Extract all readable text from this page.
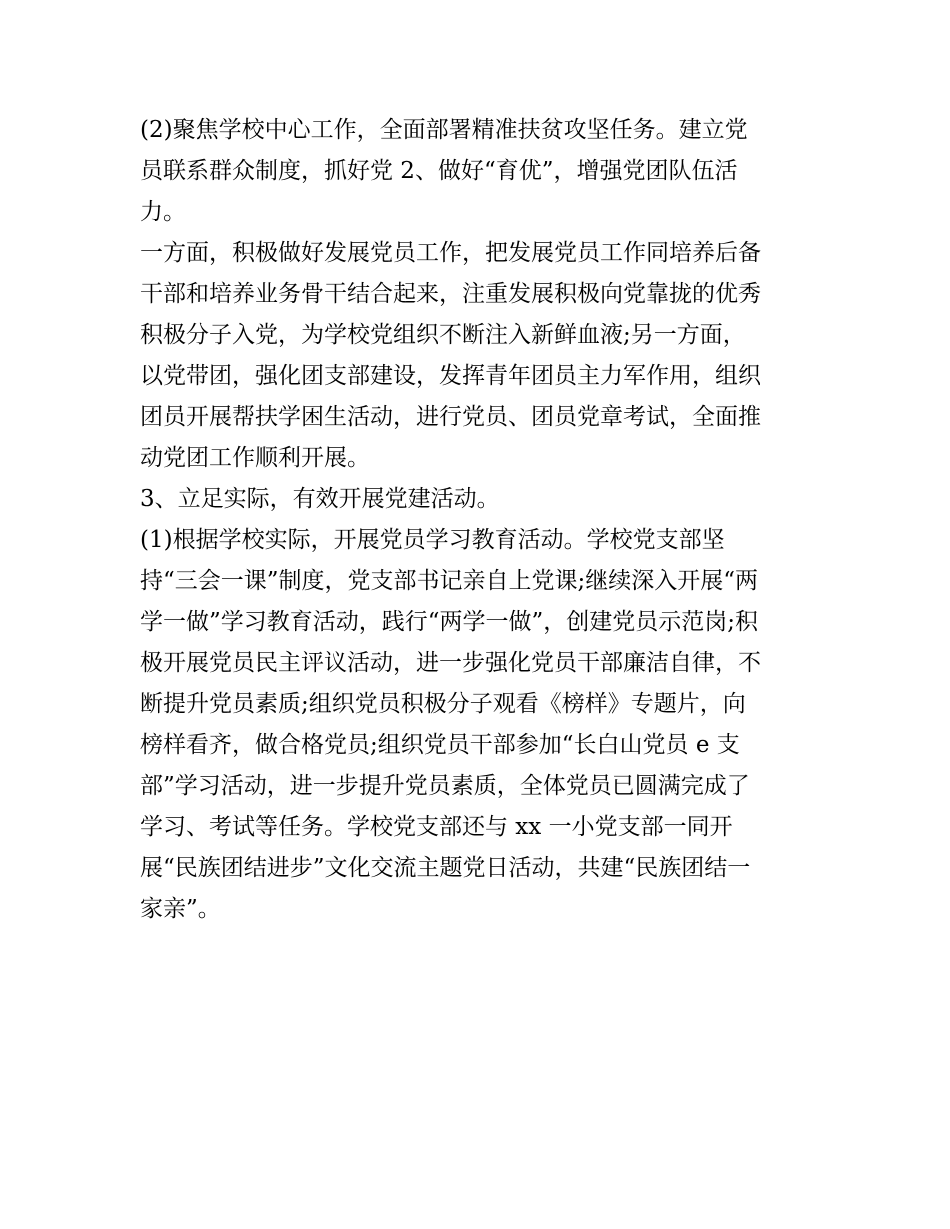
(2)聚焦学校中心工作，全面部署精准扶贫攻坚任务。建立党
员联系群众制度，抓好党 2、做好“育优”，增强党团队伍活
力。
一方面，积极做好发展党员工作，把发展党员工作同培养后备
干部和培养业务骨干结合起来，注重发展积极向党靠拢的优秀
积极分子入党，为学校党组织不断注入新鲜血液;另一方面，
以党带团，强化团支部建设，发挥青年团员主力军作用，组织
团员开展帮扶学困生活动，进行党员、团员党章考试，全面推
动党团工作顺利开展。
3、立足实际，有效开展党建活动。
(1)根据学校实际，开展党员学习教育活动。学校党支部坚
持“三会一课”制度，党支部书记亲自上党课;继续深入开展“两
学一做”学习教育活动，践行“两学一做”，创建党员示范岗;积
极开展党员民主评议活动，进一步强化党员干部廉洁自律，不
断提升党员素质;组织党员积极分子观看《榜样》专题片，向
榜样看齐，做合格党员;组织党员干部参加“长白山党员 e 支
部”学习活动，进一步提升党员素质，全体党员已圆满完成了
学习、考试等任务。学校党支部还与 xx 一小党支部一同开
展“民族团结进步”文化交流主题党日活动，共建“民族团结一
家亲”。
